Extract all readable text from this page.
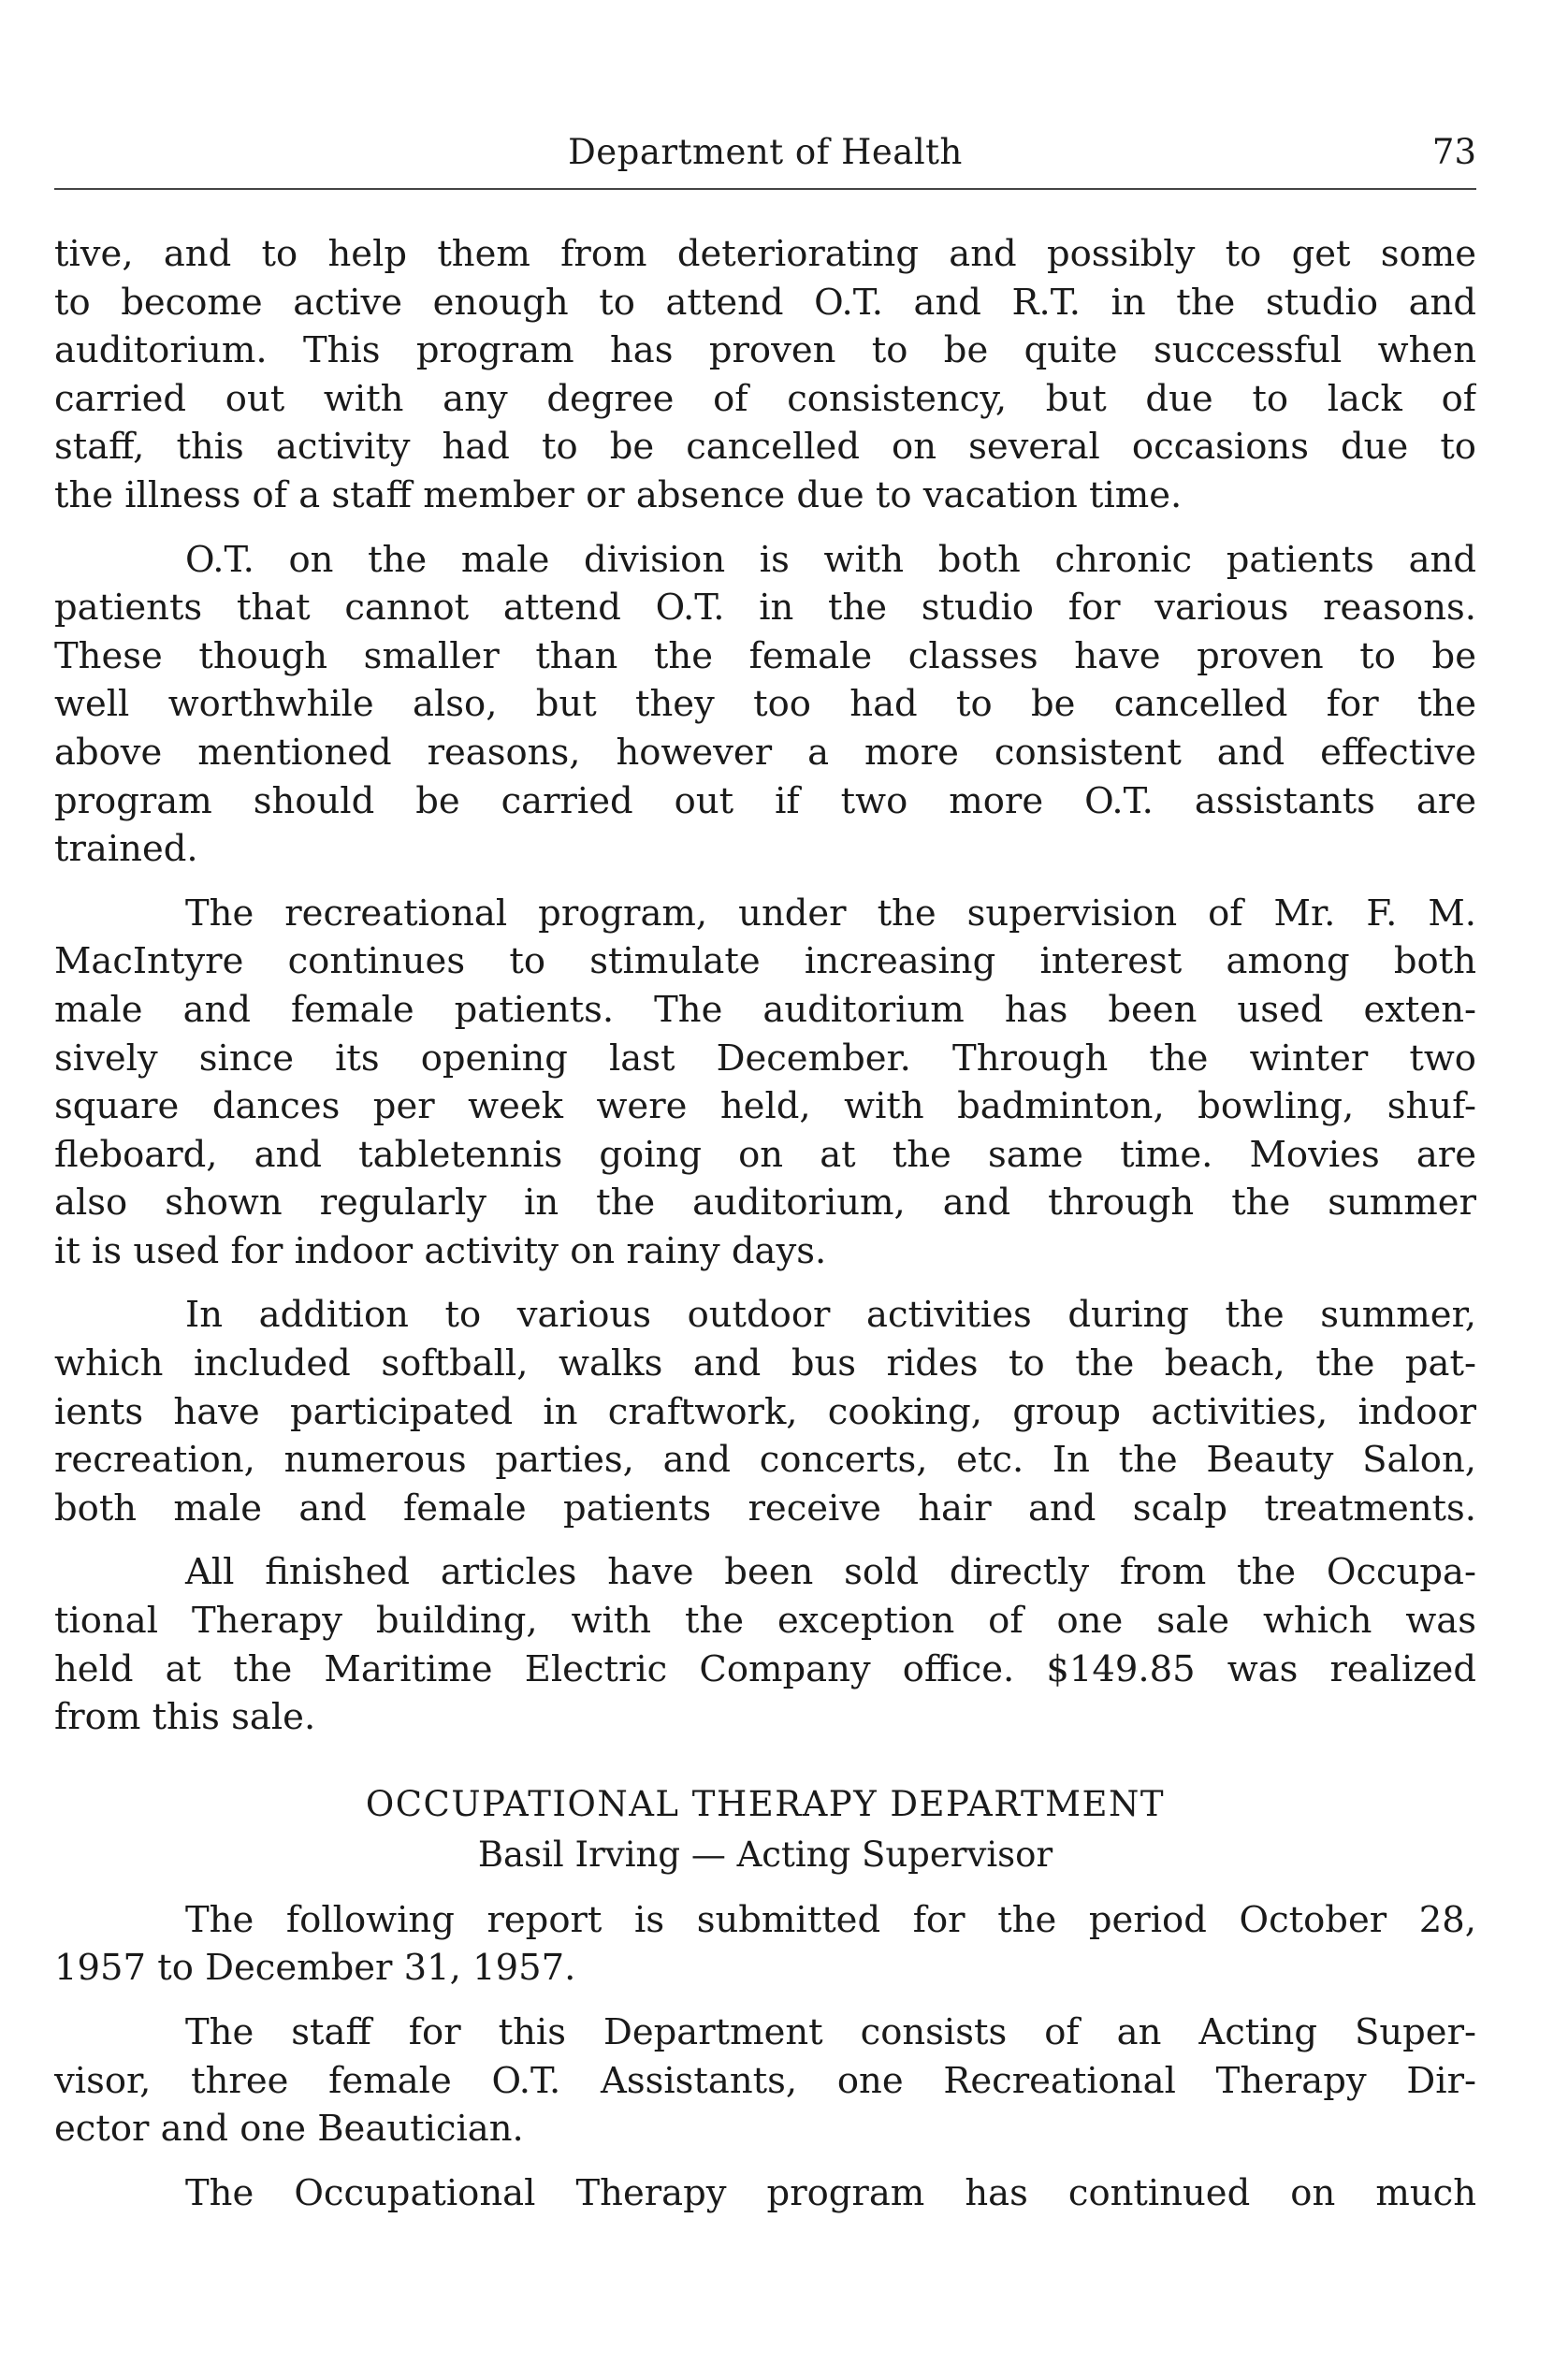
Department of Health	73
tive, and to help them from deteriorating and possibly to get some
to become active enough to attend O.T. and R.T. in the studio and
auditorium. This program has proven to be quite successful when
carried out with any degree of consistency, but due to lack of
staff, this activity had to be cancelled on several occasions due to
the illness of a staff member or absence due to vacation time.
O.T. on the male division is with both chronic patients and
patients that cannot attend O.T. in the studio for various reasons.
These though smaller than the female classes have proven to be
well worthwhile also, but they too had to be cancelled for the
above mentioned reasons, however a more consistent and effective
program should be carried out if two more O.T. assistants are
trained.
The recreational program, under the supervision of Mr. F. M.
MacIntyre continues to stimulate increasing interest among both
male and female patients. The auditorium has been used exten-
sively since its opening last December. Through the winter two
square dances per week were held, with badminton, bowling, shuf-
fleboard, and tabletennis going on at the same time. Movies are
also shown regularly in the auditorium, and through the summer
it is used for indoor activity on rainy days.
In addition to various outdoor activities during the summer,
which included softball, walks and bus rides to the beach, the pat-
ients have participated in craftwork, cooking, group activities, indoor
recreation, numerous parties, and concerts, etc. In the Beauty Salon,
both male and female patients receive hair and scalp treatments.
All finished articles have been sold directly from the Occupa-
tional Therapy building, with the exception of one sale which was
held at the Maritime Electric Company office. $149.85 was realized
from this sale.
OCCUPATIONAL THERAPY DEPARTMENT
Basil Irving — Acting Supervisor
The following report is submitted for the period October 28,
1957 to December 31, 1957.
The staff for this Department consists of an Acting Super-
visor, three female O.T. Assistants, one Recreational Therapy Dir-
ector and one Beautician.
The Occupational Therapy program has continued on much
